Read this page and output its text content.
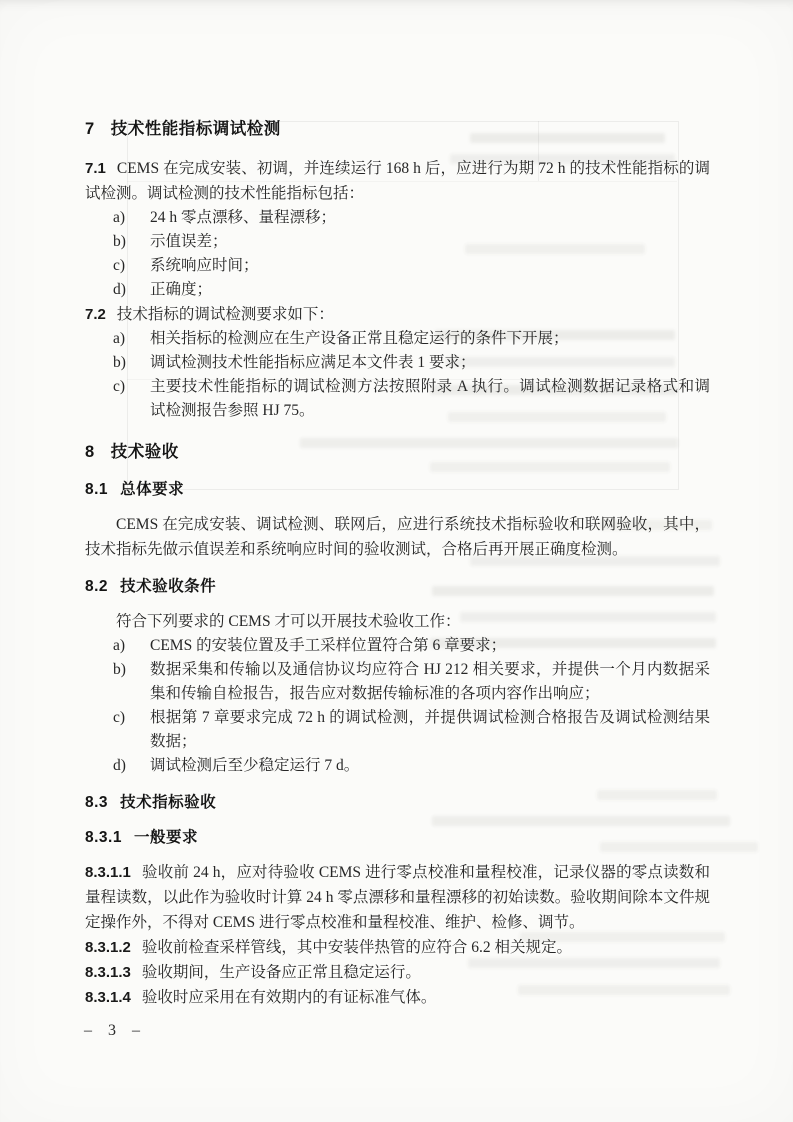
7 技术性能指标调试检测

7.1 CEMS 在完成安装、初调，并连续运行 168 h 后，应进行为期 72 h 的技术性能指标的调试检测。调试检测的技术性能指标包括：

a)	24 h 零点漂移、量程漂移；
b)	示值误差；
c)	系统响应时间；
d)	正确度；

7.2 技术指标的调试检测要求如下：

a)	相关指标的检测应在生产设备正常且稳定运行的条件下开展；
b)	调试检测技术性能指标应满足本文件表 1 要求；
c)	主要技术性能指标的调试检测方法按照附录 A 执行。调试检测数据记录格式和调试检测报告参照 HJ 75。
8 技术验收
8.1 总体要求

CEMS 在完成安装、调试检测、联网后，应进行系统技术指标验收和联网验收，其中，技术指标先做示值误差和系统响应时间的验收测试，合格后再开展正确度检测。

8.2 技术验收条件

符合下列要求的 CEMS 才可以开展技术验收工作：

a)	CEMS 的安装位置及手工采样位置符合第 6 章要求；
b)	数据采集和传输以及通信协议均应符合 HJ 212 相关要求，并提供一个月内数据采集和传输自检报告，报告应对数据传输标准的各项内容作出响应；
c)	根据第 7 章要求完成 72 h 的调试检测，并提供调试检测合格报告及调试检测结果数据；
d)	调试检测后至少稳定运行 7 d。
8.3 技术指标验收
8.3.1 一般要求

8.3.1.1 验收前 24 h，应对待验收 CEMS 进行零点校准和量程校准，记录仪器的零点读数和量程读数，以此作为验收时计算 24 h 零点漂移和量程漂移的初始读数。验收期间除本文件规定操作外，不得对 CEMS 进行零点校准和量程校准、维护、检修、调节。

8.3.1.2 验收前检查采样管线，其中安装伴热管的应符合 6.2 相关规定。

8.3.1.3 验收期间，生产设备应正常且稳定运行。

8.3.1.4 验收时应采用在有效期内的有证标准气体。

– 3 –
